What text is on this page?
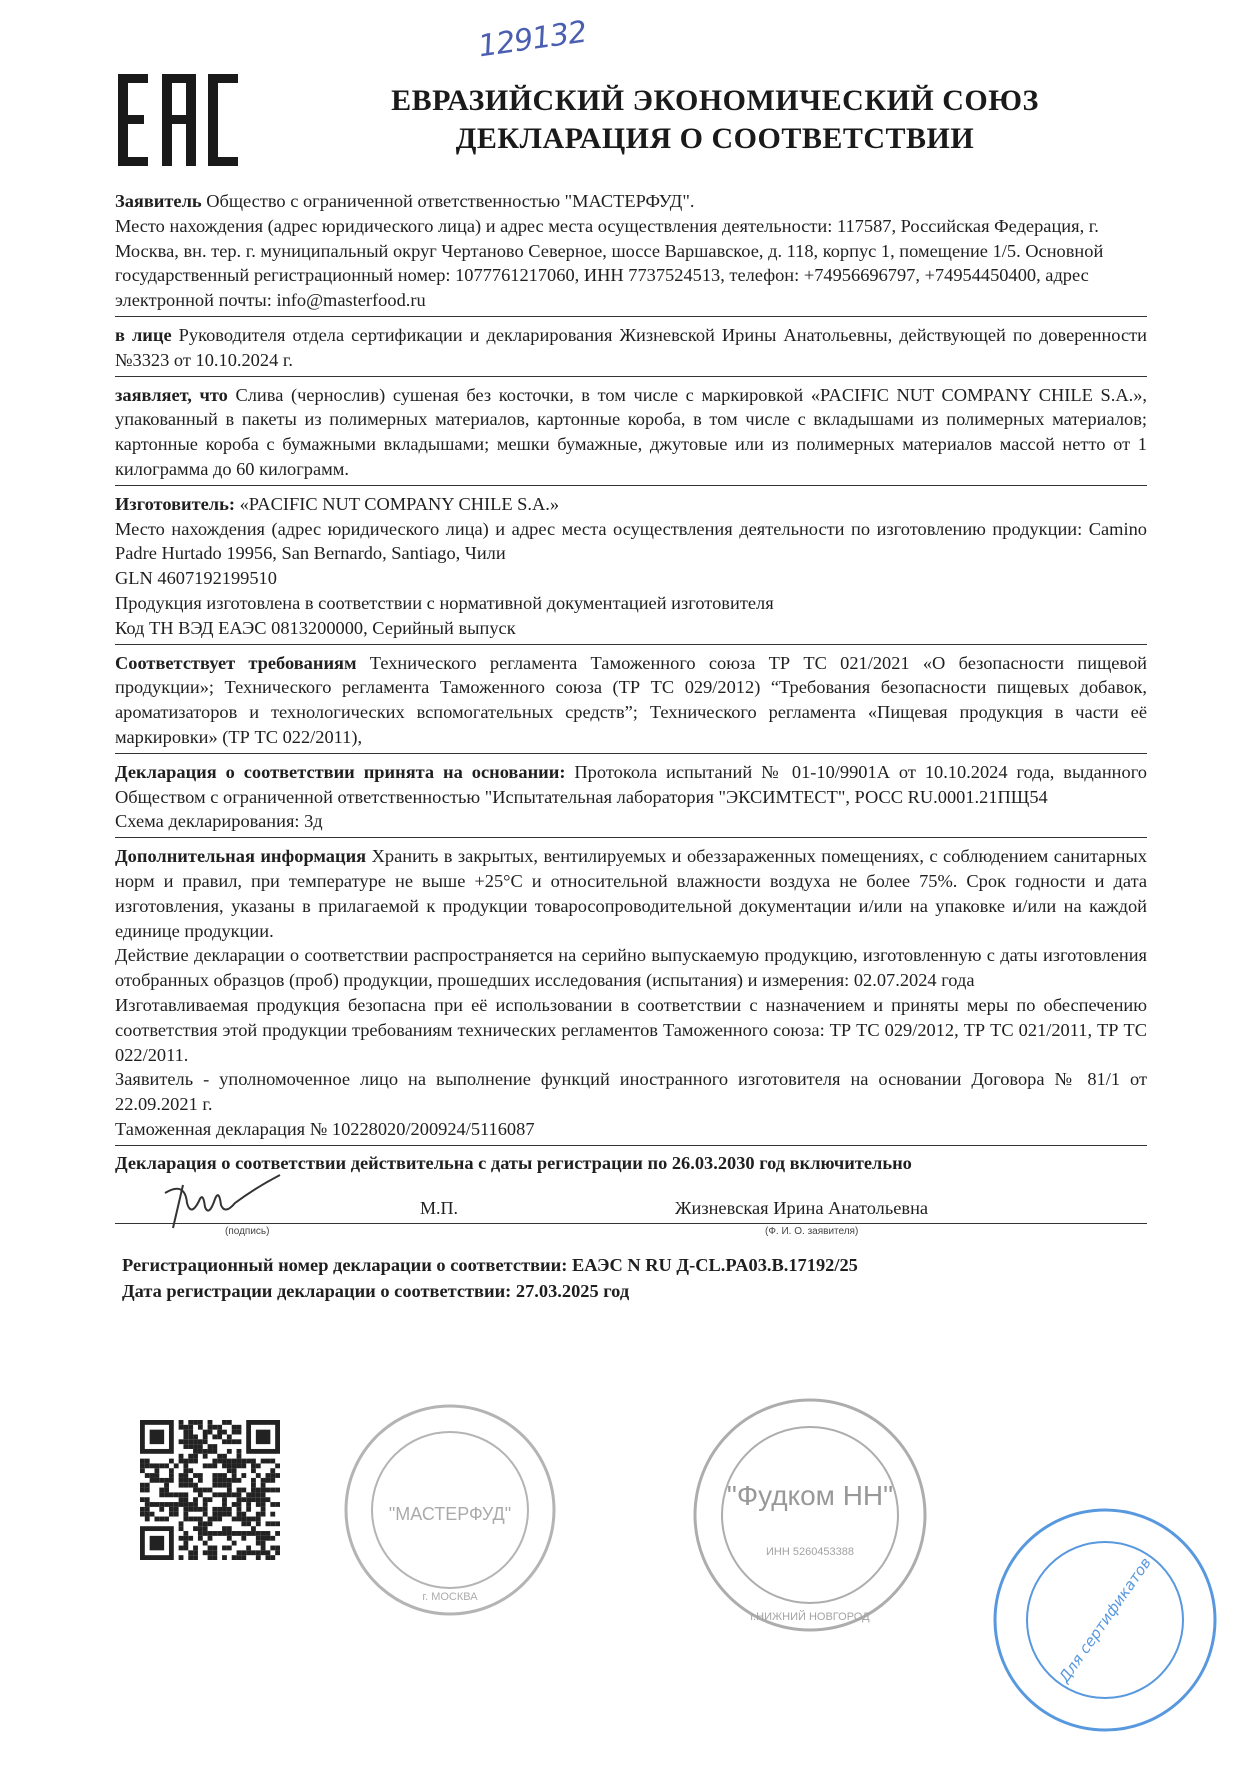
129132
ЕВРАЗИЙСКИЙ ЭКОНОМИЧЕСКИЙ СОЮЗ
ДЕКЛАРАЦИЯ О СООТВЕТСТВИИ

Заявитель Общество с ограниченной ответственностью "МАСТЕРФУД".

Место нахождения (адрес юридического лица) и адрес места осуществления деятельности: 117587, Российская Федерация, г. Москва, вн. тер. г. муниципальный округ Чертаново Северное, шоссе Варшавское, д. 118, корпус 1, помещение 1/5. Основной государственный регистрационный номер: 1077761217060, ИНН 7737524513, телефон: +74956696797, +74954450400, адрес электронной почты: info@masterfood.ru

в лице Руководителя отдела сертификации и декларирования Жизневской Ирины Анатольевны, действующей по доверенности №3323 от 10.10.2024 г.

заявляет, что Слива (чернослив) сушеная без косточки, в том числе с маркировкой «PACIFIC NUT COMPANY CHILE S.A.», упакованный в пакеты из полимерных материалов, картонные короба, в том числе с вкладышами из полимерных материалов; картонные короба с бумажными вкладышами; мешки бумажные, джутовые или из полимерных материалов массой нетто от 1 килограмма до 60 килограмм.

Изготовитель: «PACIFIC NUT COMPANY CHILE S.A.»

Место нахождения (адрес юридического лица) и адрес места осуществления деятельности по изготовлению продукции: Camino Padre Hurtado 19956, San Bernardo, Santiago, Чили

GLN 4607192199510

Продукция изготовлена в соответствии с нормативной документацией изготовителя

Код ТН ВЭД ЕАЭС 0813200000, Серийный выпуск

Соответствует требованиям Технического регламента Таможенного союза ТР ТС 021/2021 «О безопасности пищевой продукции»; Технического регламента Таможенного союза (ТР ТС 029/2012) “Требования безопасности пищевых добавок, ароматизаторов и технологических вспомогательных средств”; Технического регламента «Пищевая продукция в части её маркировки» (ТР ТС 022/2011),

Декларация о соответствии принята на основании: Протокола испытаний № 01-10/9901А от 10.10.2024 года, выданного Обществом с ограниченной ответственностью "Испытательная лаборатория "ЭКСИМТЕСТ", РОСС RU.0001.21ПЩ54

Схема декларирования: 3д

Дополнительная информация Хранить в закрытых, вентилируемых и обеззараженных помещениях, с соблюдением санитарных норм и правил, при температуре не выше +25°С и относительной влажности воздуха не более 75%. Срок годности и дата изготовления, указаны в прилагаемой к продукции товаросопроводительной документации и/или на упаковке и/или на каждой единице продукции.

Действие декларации о соответствии распространяется на серийно выпускаемую продукцию, изготовленную с даты изготовления отобранных образцов (проб) продукции, прошедших исследования (испытания) и измерения: 02.07.2024 года

Изготавливаемая продукция безопасна при её использовании в соответствии с назначением и приняты меры по обеспечению соответствия этой продукции требованиям технических регламентов Таможенного союза: ТР ТС 029/2012, ТР ТС 021/2011, ТР ТС 022/2011.

Заявитель - уполномоченное лицо на выполнение функций иностранного изготовителя на основании Договора № 81/1 от 22.09.2021 г.

Таможенная декларация № 10228020/200924/5116087

Декларация о соответствии действительна с даты регистрации по 26.03.2030 год включительно
М.П.	Жизневская Ирина Анатольевна
(подпись)	(Ф. И. О. заявителя)
Регистрационный номер декларации о соответствии: ЕАЭС N RU Д-CL.PA03.B.17192/25
Дата регистрации декларации о соответствии: 27.03.2025 год
"МАСТЕРФУД"
г. МОСКВА
"Фудком НН"
ИНН 5260453388
г.НИЖНИЙ НОВГОРОД	Для сертификатов
